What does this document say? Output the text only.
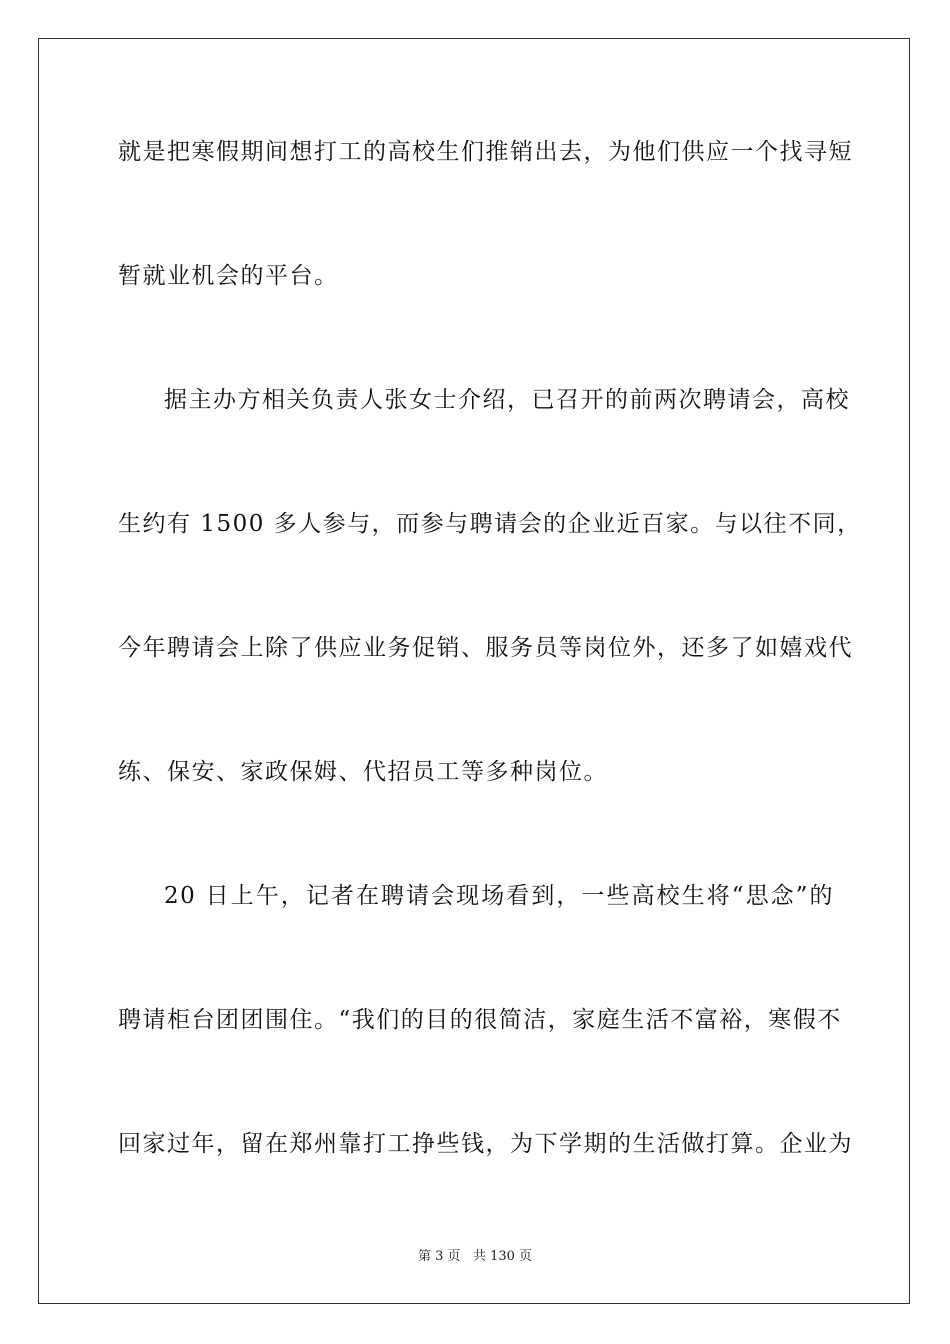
就是把寒假期间想打工的高校生们推销出去，为他们供应一个找寻短
暂就业机会的平台。
据主办方相关负责人张女士介绍，已召开的前两次聘请会，高校
生约有 1500 多人参与，而参与聘请会的企业近百家。与以往不同，
今年聘请会上除了供应业务促销、服务员等岗位外，还多了如嬉戏代
练、保安、家政保姆、代招员工等多种岗位。
20 日上午，记者在聘请会现场看到，一些高校生将“思念”的
聘请柜台团团围住。“我们的目的很简洁，家庭生活不富裕，寒假不
回家过年，留在郑州靠打工挣些钱，为下学期的生活做打算。企业为
第 3 页 共 130 页
